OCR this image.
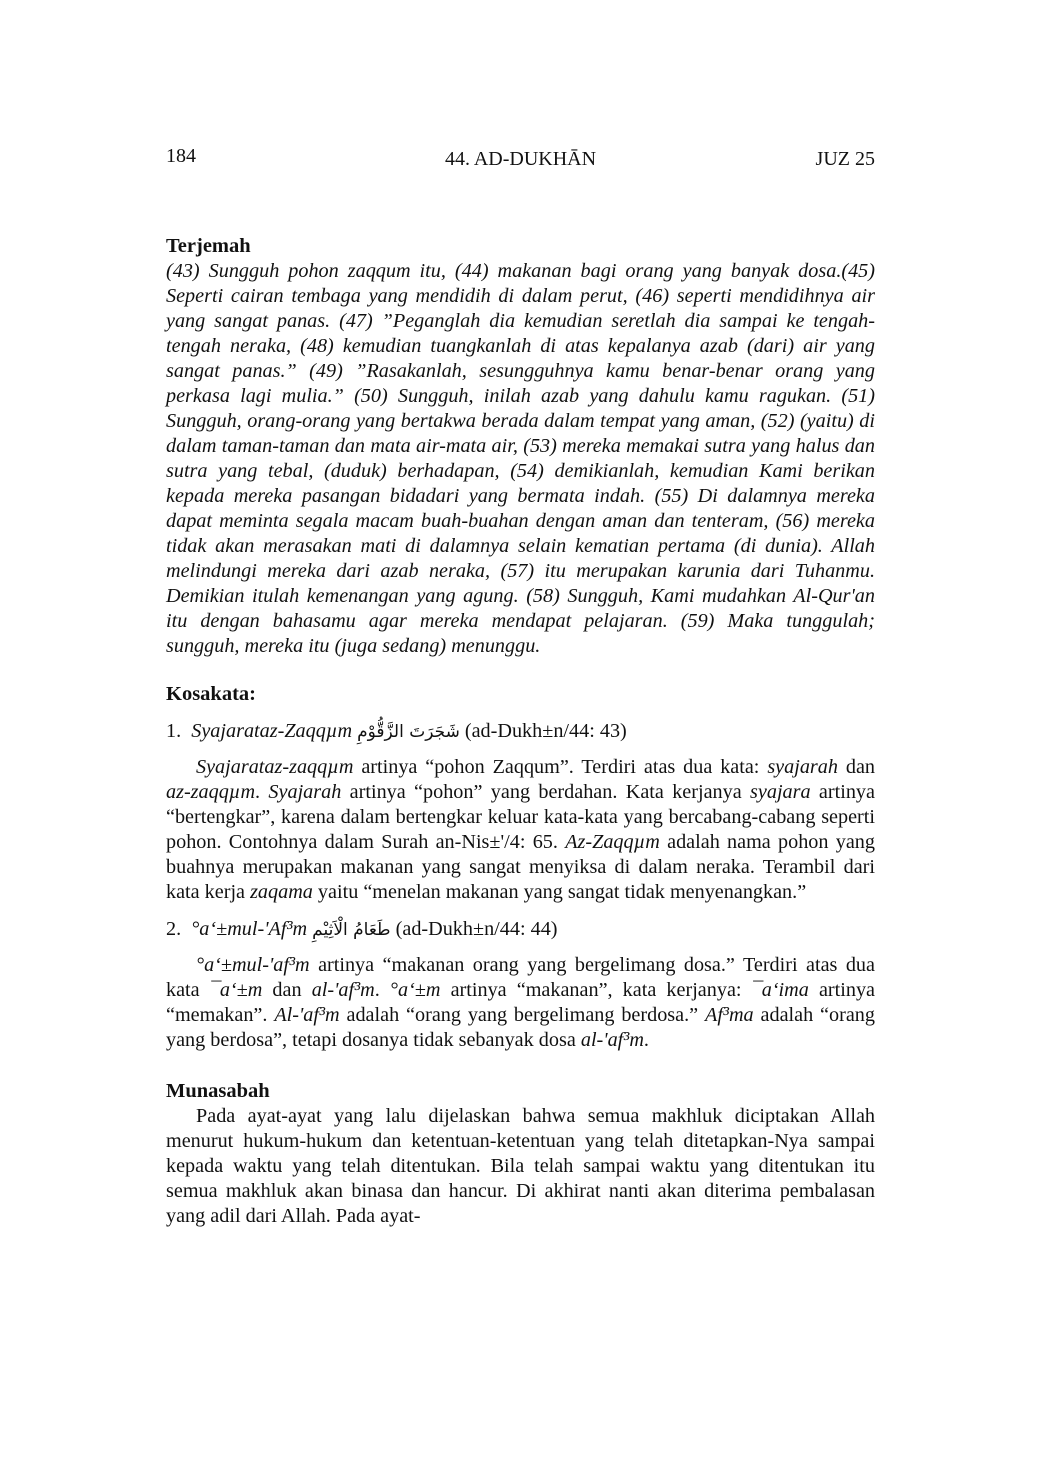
184	44. AD-DUKHĀN	JUZ 25
Terjemah

(43) Sungguh pohon zaqqum itu, (44) makanan bagi orang yang banyak dosa.(45) Seperti cairan tembaga yang mendidih di dalam perut, (46) seperti mendidihnya air yang sangat panas. (47) ”Peganglah dia kemudian seretlah dia sampai ke tengah-tengah neraka, (48) kemudian tuangkanlah di atas kepalanya azab (dari) air yang sangat panas.” (49) ”Rasakanlah, sesungguhnya kamu benar-benar orang yang perkasa lagi mulia.” (50) Sungguh, inilah azab yang dahulu kamu ragukan. (51) Sungguh, orang-orang yang bertakwa berada dalam tempat yang aman, (52) (yaitu) di dalam taman-taman dan mata air-mata air, (53) mereka memakai sutra yang halus dan sutra yang tebal, (duduk) berhadapan, (54) demikianlah, kemudian Kami berikan kepada mereka pasangan bidadari yang bermata indah. (55) Di dalamnya mereka dapat meminta segala macam buah-buahan dengan aman dan tenteram, (56) mereka tidak akan merasakan mati di dalamnya selain kematian pertama (di dunia). Allah melindungi mereka dari azab neraka, (57) itu merupakan karunia dari Tuhanmu. Demikian itulah kemenangan yang agung. (58) Sungguh, Kami mudahkan Al-Qur'an itu dengan bahasamu agar mereka mendapat pelajaran. (59) Maka tunggulah; sungguh, mereka itu (juga sedang) menunggu.

Kosakata:

1. Syajarataz-Zaqqµm شَجَرَتَ الزَّقُّوْمِ (ad-Dukh±n/44: 43)

Syajarataz-zaqqµm artinya “pohon Zaqqum”. Terdiri atas dua kata: syajarah dan az-zaqqµm. Syajarah artinya “pohon” yang berdahan. Kata kerjanya syajara artinya “bertengkar”, karena dalam bertengkar keluar kata-kata yang bercabang-cabang seperti pohon. Contohnya dalam Surah an-Nis±'/4: 65. Az-Zaqqµm adalah nama pohon yang buahnya merupakan makanan yang sangat menyiksa di dalam neraka. Terambil dari kata kerja zaqama yaitu “menelan makanan yang sangat tidak menyenangkan.”

2. °a‘±mul-'Af³m طَعَامُ الْاَثِيْمِ (ad-Dukh±n/44: 44)

°a‘±mul-'af³m artinya “makanan orang yang bergelimang dosa.” Terdiri atas dua kata ¯a‘±m dan al-'af³m. °a‘±m artinya “makanan”, kata kerjanya: ¯a‘ima artinya “memakan”. Al-'af³m adalah “orang yang bergelimang berdosa.” Af³ma adalah “orang yang berdosa”, tetapi dosanya tidak sebanyak dosa al-'af³m.

Munasabah

Pada ayat-ayat yang lalu dijelaskan bahwa semua makhluk diciptakan Allah menurut hukum-hukum dan ketentuan-ketentuan yang telah ditetapkan-Nya sampai kepada waktu yang telah ditentukan. Bila telah sampai waktu yang ditentukan itu semua makhluk akan binasa dan hancur. Di akhirat nanti akan diterima pembalasan yang adil dari Allah. Pada ayat-
